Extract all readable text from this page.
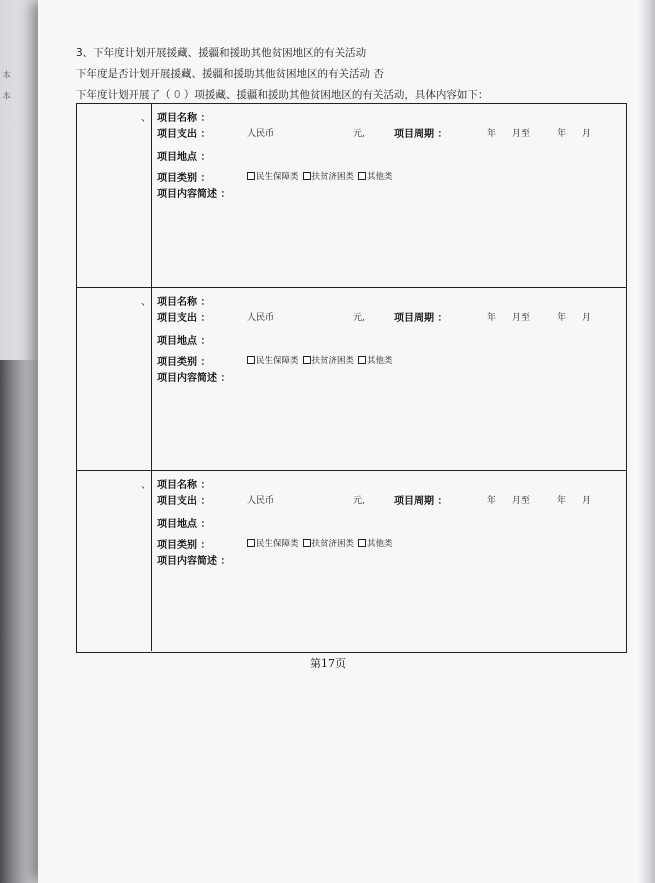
本
本
3、下年度计划开展援藏、援疆和援助其他贫困地区的有关活动
下年度是否计划开展援藏、援疆和援助其他贫困地区的有关活动 否
下年度计划开展了（ 0 ）项援藏、援疆和援助其他贫困地区的有关活动，具体内容如下：
、 项目名称 ：
项目支出 ：	人民币	元,	项目周期 ：	年 月至	年 月
项目地点 ：
项目类别 ：	民生保障类	扶贫济困类	其他类
项目内容简述 ：
、 项目名称 ：
项目支出 ：	人民币	元,	项目周期 ：	年 月至	年 月
项目地点 ：
项目类别 ：	民生保障类	扶贫济困类	其他类
项目内容简述 ：
、 项目名称 ：
项目支出 ：	人民币	元,	项目周期 ：	年 月至	年 月
项目地点 ：
项目类别 ：	民生保障类	扶贫济困类	其他类
项目内容简述 ：
第17页
